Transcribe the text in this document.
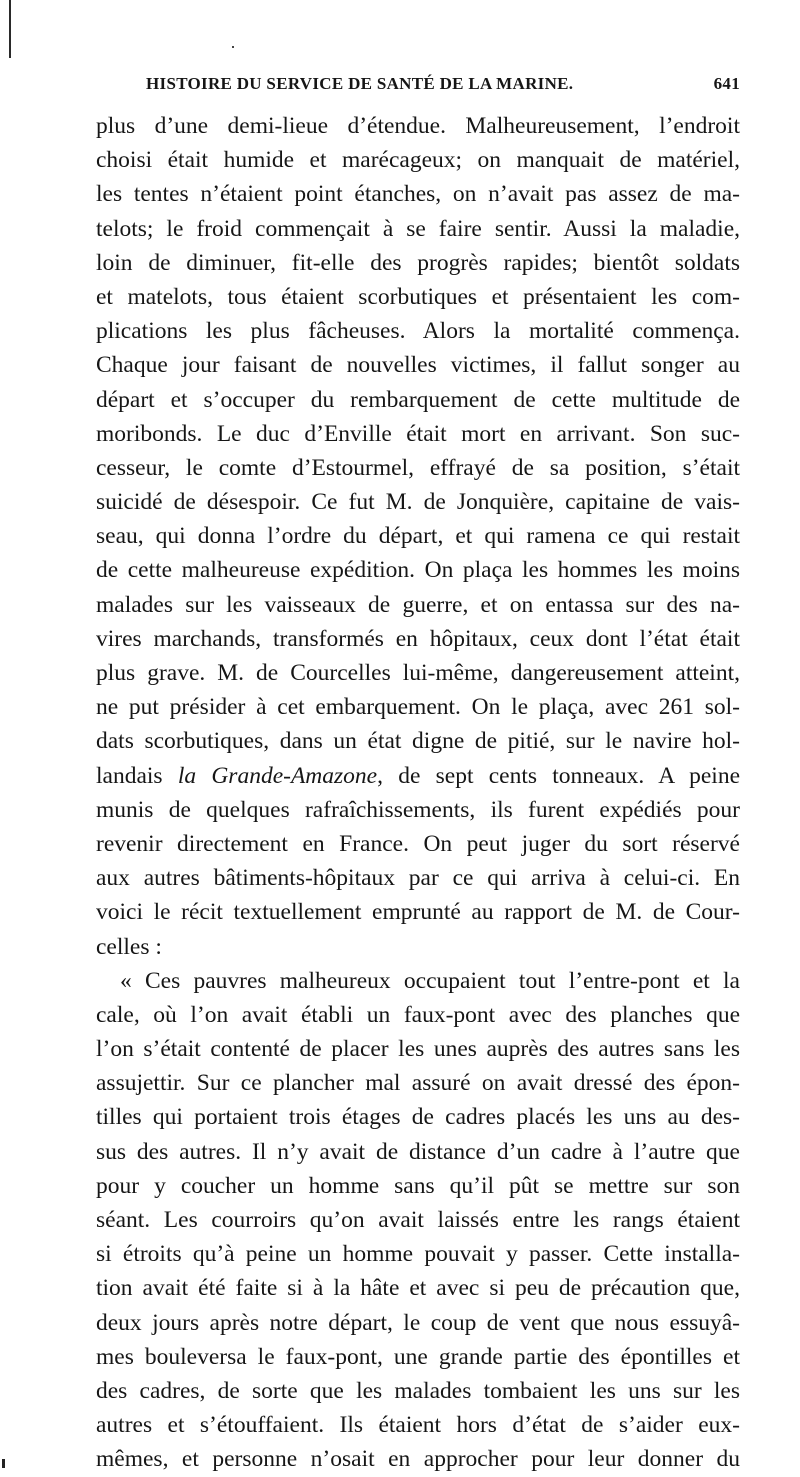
HISTOIRE DU SERVICE DE SANTÉ DE LA MARINE.	641
plus d’une demi-lieue d’étendue. Malheureusement, l’endroit
choisi était humide et marécageux; on manquait de matériel,
les tentes n’étaient point étanches, on n’avait pas assez de ma-
telots; le froid commençait à se faire sentir. Aussi la maladie,
loin de diminuer, fit-elle des progrès rapides; bientôt soldats
et matelots, tous étaient scorbutiques et présentaient les com-
plications les plus fâcheuses. Alors la mortalité commença.
Chaque jour faisant de nouvelles victimes, il fallut songer au
départ et s’occuper du rembarquement de cette multitude de
moribonds. Le duc d’Enville était mort en arrivant. Son suc-
cesseur, le comte d’Estourmel, effrayé de sa position, s’était
suicidé de désespoir. Ce fut M. de Jonquière, capitaine de vais-
seau, qui donna l’ordre du départ, et qui ramena ce qui restait
de cette malheureuse expédition. On plaça les hommes les moins
malades sur les vaisseaux de guerre, et on entassa sur des na-
vires marchands, transformés en hôpitaux, ceux dont l’état était
plus grave. M. de Courcelles lui-même, dangereusement atteint,
ne put présider à cet embarquement. On le plaça, avec 261 sol-
dats scorbutiques, dans un état digne de pitié, sur le navire hol-
landais la Grande-Amazone, de sept cents tonneaux. A peine
munis de quelques rafraîchissements, ils furent expédiés pour
revenir directement en France. On peut juger du sort réservé
aux autres bâtiments-hôpitaux par ce qui arriva à celui-ci. En
voici le récit textuellement emprunté au rapport de M. de Cour-
celles :
« Ces pauvres malheureux occupaient tout l’entre-pont et la
cale, où l’on avait établi un faux-pont avec des planches que
l’on s’était contenté de placer les unes auprès des autres sans les
assujettir. Sur ce plancher mal assuré on avait dressé des épon-
tilles qui portaient trois étages de cadres placés les uns au des-
sus des autres. Il n’y avait de distance d’un cadre à l’autre que
pour y coucher un homme sans qu’il pût se mettre sur son
séant. Les courroirs qu’on avait laissés entre les rangs étaient
si étroits qu’à peine un homme pouvait y passer. Cette installa-
tion avait été faite si à la hâte et avec si peu de précaution que,
deux jours après notre départ, le coup de vent que nous essuyâ-
mes bouleversa le faux-pont, une grande partie des épontilles et
des cadres, de sorte que les malades tombaient les uns sur les
autres et s’étouffaient. Ils étaient hors d’état de s’aider eux-
mêmes, et personne n’osait en approcher pour leur donner du
